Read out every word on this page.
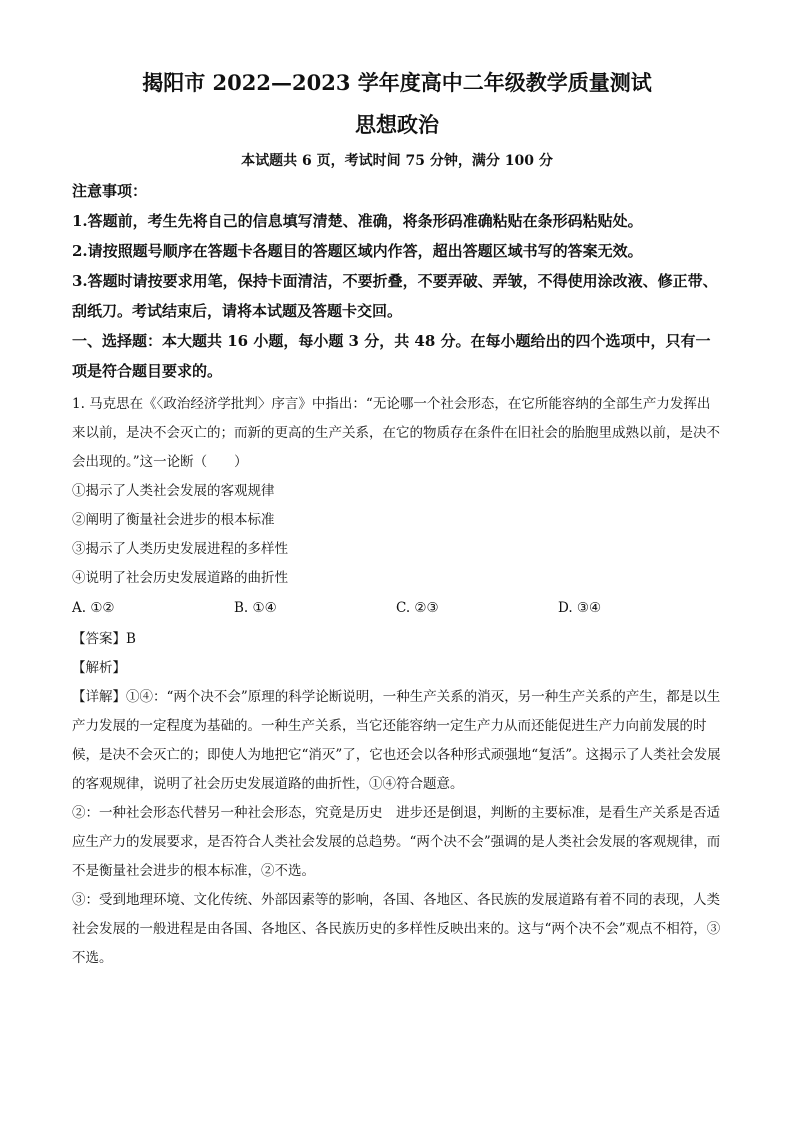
揭阳市 2022—2023 学年度高中二年级教学质量测试
思想政治

本试题共 6 页，考试时间 75 分钟，满分 100 分

注意事项：

1.答题前，考生先将自己的信息填写清楚、准确，将条形码准确粘贴在条形码粘贴处。

2.请按照题号顺序在答题卡各题目的答题区域内作答，超出答题区域书写的答案无效。

3.答题时请按要求用笔，保持卡面清洁，不要折叠，不要弄破、弄皱，不得使用涂改液、修正带、刮纸刀。考试结束后，请将本试题及答题卡交回。

一、选择题：本大题共 16 小题，每小题 3 分，共 48 分。在每小题给出的四个选项中，只有一项是符合题目要求的。

1. 马克思在《〈政治经济学批判〉序言》中指出：“无论哪一个社会形态，在它所能容纳的全部生产力发挥出来以前，是决不会灭亡的；而新的更高的生产关系，在它的物质存在条件在旧社会的胎胞里成熟以前，是决不会出现的。”这一论断（　　）

①揭示了人类社会发展的客观规律

②阐明了衡量社会进步的根本标准

③揭示了人类历史发展进程的多样性

④说明了社会历史发展道路的曲折性

A. ①②	B. ①④	C. ②③	D. ③④

【答案】B

【解析】

【详解】①④：“两个决不会”原理的科学论断说明，一种生产关系的消灭，另一种生产关系的产生，都是以生产力发展的一定程度为基础的。一种生产关系，当它还能容纳一定生产力从而还能促进生产力向前发展的时候，是决不会灭亡的；即使人为地把它“消灭”了，它也还会以各种形式顽强地“复活”。这揭示了人类社会发展的客观规律，说明了社会历史发展道路的曲折性，①④符合题意。

②：一种社会形态代替另一种社会形态，究竟是历史　进步还是倒退，判断的主要标准，是看生产关系是否适应生产力的发展要求，是否符合人类社会发展的总趋势。“两个决不会”强调的是人类社会发展的客观规律，而不是衡量社会进步的根本标准，②不选。

③：受到地理环境、文化传统、外部因素等的影响，各国、各地区、各民族的发展道路有着不同的表现，人类社会发展的一般进程是由各国、各地区、各民族历史的多样性反映出来的。这与“两个决不会”观点不相符，③不选。
